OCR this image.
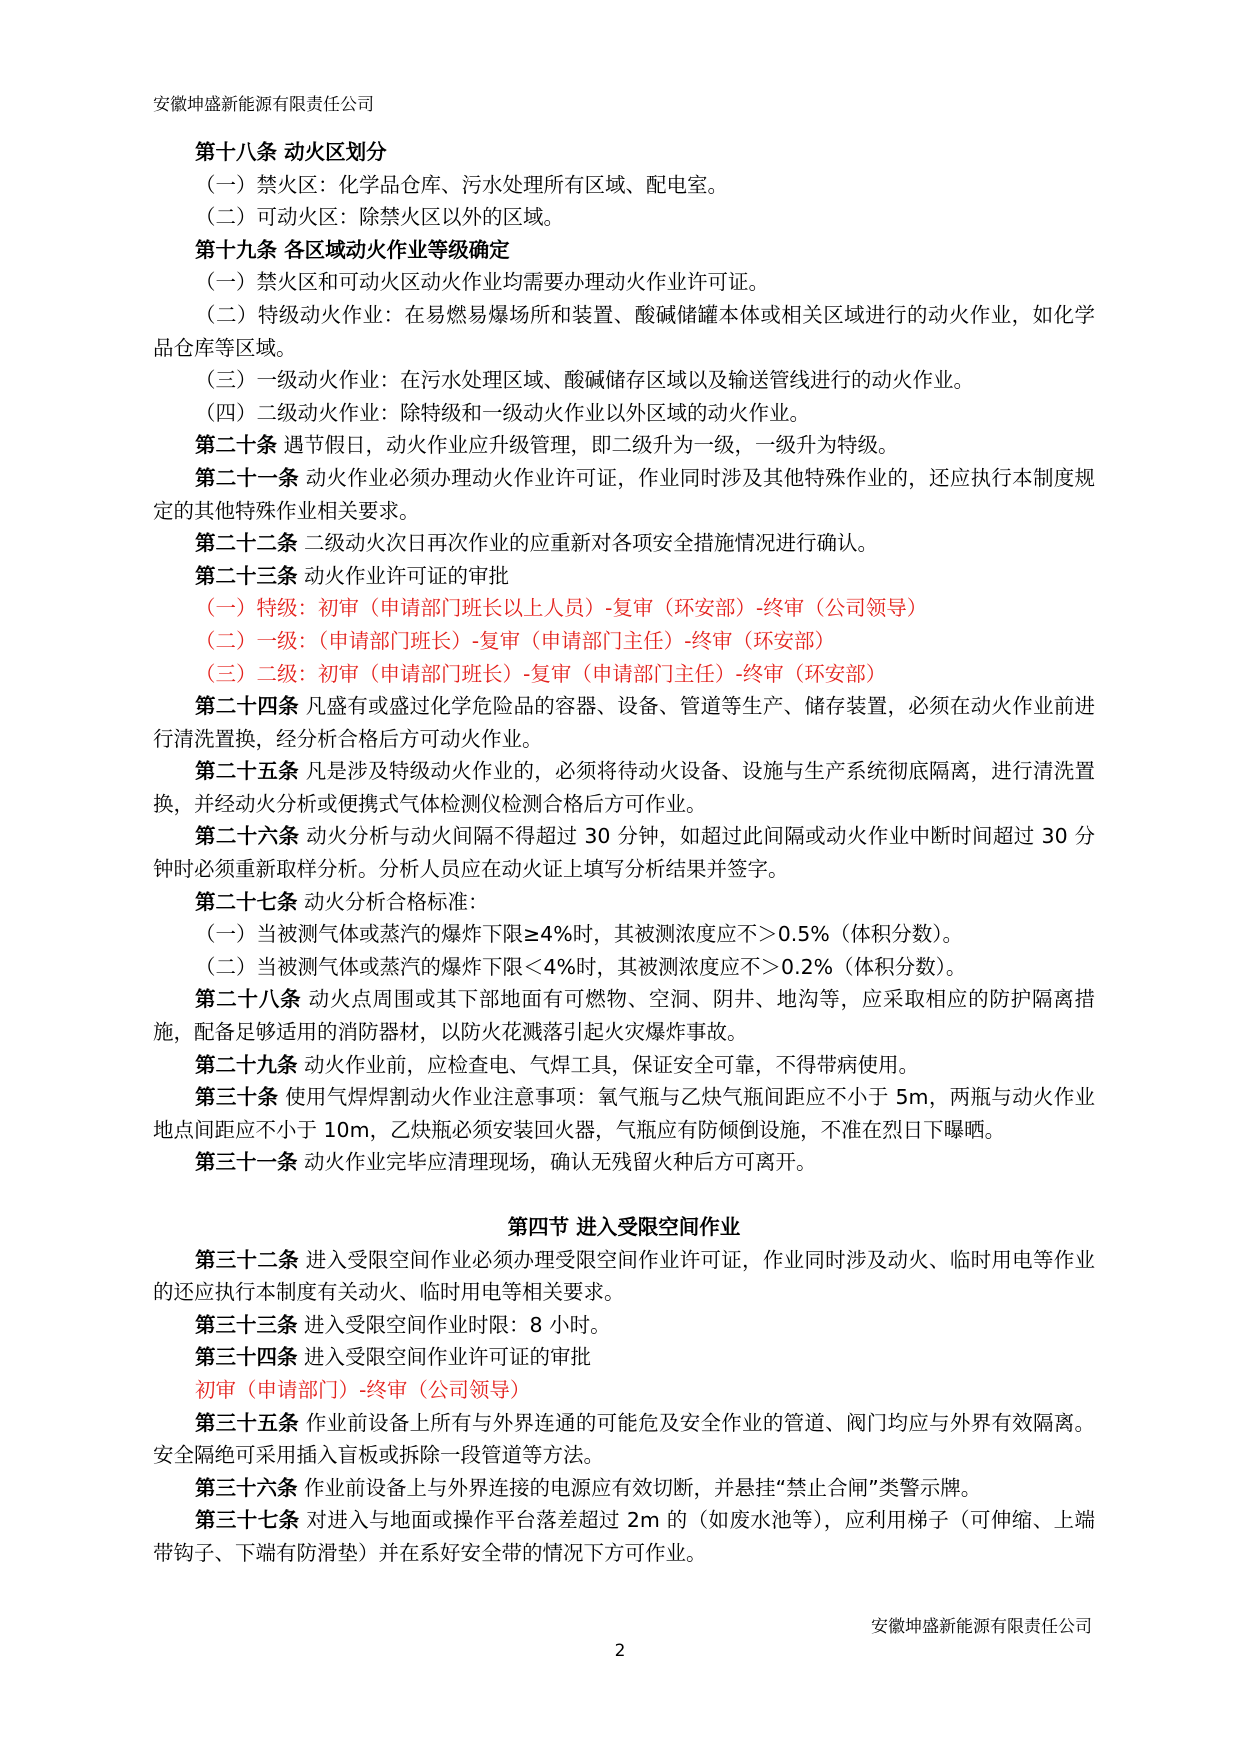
安徽坤盛新能源有限责任公司

第十八条 动火区划分

（一）禁火区：化学品仓库、污水处理所有区域、配电室。

（二）可动火区：除禁火区以外的区域。

第十九条 各区域动火作业等级确定

（一）禁火区和可动火区动火作业均需要办理动火作业许可证。

（二）特级动火作业：在易燃易爆场所和装置、酸碱储罐本体或相关区域进行的动火作业，如化学品仓库等区域。

（三）一级动火作业：在污水处理区域、酸碱储存区域以及输送管线进行的动火作业。

（四）二级动火作业：除特级和一级动火作业以外区域的动火作业。

第二十条 遇节假日，动火作业应升级管理，即二级升为一级，一级升为特级。

第二十一条 动火作业必须办理动火作业许可证，作业同时涉及其他特殊作业的，还应执行本制度规定的其他特殊作业相关要求。

第二十二条 二级动火次日再次作业的应重新对各项安全措施情况进行确认。

第二十三条 动火作业许可证的审批

（一）特级：初审（申请部门班长以上人员）-复审（环安部）-终审（公司领导）

（二）一级：（申请部门班长）-复审（申请部门主任）-终审（环安部）

（三）二级：初审（申请部门班长）-复审（申请部门主任）-终审（环安部）

第二十四条 凡盛有或盛过化学危险品的容器、设备、管道等生产、储存装置，必须在动火作业前进行清洗置换，经分析合格后方可动火作业。

第二十五条 凡是涉及特级动火作业的，必须将待动火设备、设施与生产系统彻底隔离，进行清洗置换，并经动火分析或便携式气体检测仪检测合格后方可作业。

第二十六条 动火分析与动火间隔不得超过 30 分钟，如超过此间隔或动火作业中断时间超过 30 分钟时必须重新取样分析。分析人员应在动火证上填写分析结果并签字。

第二十七条 动火分析合格标准：

（一）当被测气体或蒸汽的爆炸下限≥4%时，其被测浓度应不＞0.5%（体积分数）。

（二）当被测气体或蒸汽的爆炸下限＜4%时，其被测浓度应不＞0.2%（体积分数）。

第二十八条 动火点周围或其下部地面有可燃物、空洞、阴井、地沟等，应采取相应的防护隔离措施，配备足够适用的消防器材，以防火花溅落引起火灾爆炸事故。

第二十九条 动火作业前，应检查电、气焊工具，保证安全可靠，不得带病使用。

第三十条 使用气焊焊割动火作业注意事项：氧气瓶与乙炔气瓶间距应不小于 5m，两瓶与动火作业地点间距应不小于 10m，乙炔瓶必须安装回火器，气瓶应有防倾倒设施，不准在烈日下曝晒。

第三十一条 动火作业完毕应清理现场，确认无残留火种后方可离开。

第四节 进入受限空间作业

第三十二条 进入受限空间作业必须办理受限空间作业许可证，作业同时涉及动火、临时用电等作业的还应执行本制度有关动火、临时用电等相关要求。

第三十三条 进入受限空间作业时限：8 小时。

第三十四条 进入受限空间作业许可证的审批

初审（申请部门）-终审（公司领导）

第三十五条 作业前设备上所有与外界连通的可能危及安全作业的管道、阀门均应与外界有效隔离。安全隔绝可采用插入盲板或拆除一段管道等方法。

第三十六条 作业前设备上与外界连接的电源应有效切断，并悬挂“禁止合闸”类警示牌。

第三十七条 对进入与地面或操作平台落差超过 2m 的（如废水池等），应利用梯子（可伸缩、上端带钩子、下端有防滑垫）并在系好安全带的情况下方可作业。

安徽坤盛新能源有限责任公司
2
